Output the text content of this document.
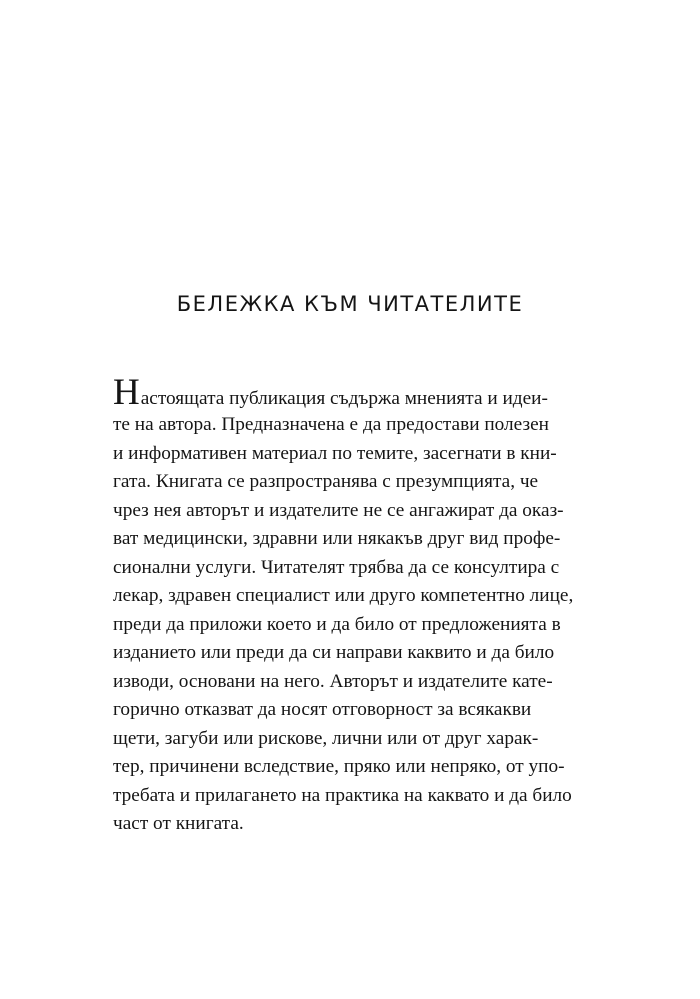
БЕЛЕЖКА КЪМ ЧИТАТЕЛИТЕ
Настоящата публикация съдържа мненията и идеи-
те на автора. Предназначена е да предостави полезен
и информативен материал по темите, засегнати в кни-
гата. Книгата се разпространява с презумпцията, че
чрез нея авторът и издателите не се ангажират да оказ-
ват медицински, здравни или някакъв друг вид профе-
сионални услуги. Читателят трябва да се консултира с
лекар, здравен специалист или друго компетентно лице,
преди да приложи което и да било от предложенията в
изданието или преди да си направи каквито и да било
изводи, основани на него. Авторът и издателите кате-
горично отказват да носят отговорност за всякакви
щети, загуби или рискове, лични или от друг харак-
тер, причинени вследствие, пряко или непряко, от упо-
требата и прилагането на практика на каквато и да било
част от книгата.
